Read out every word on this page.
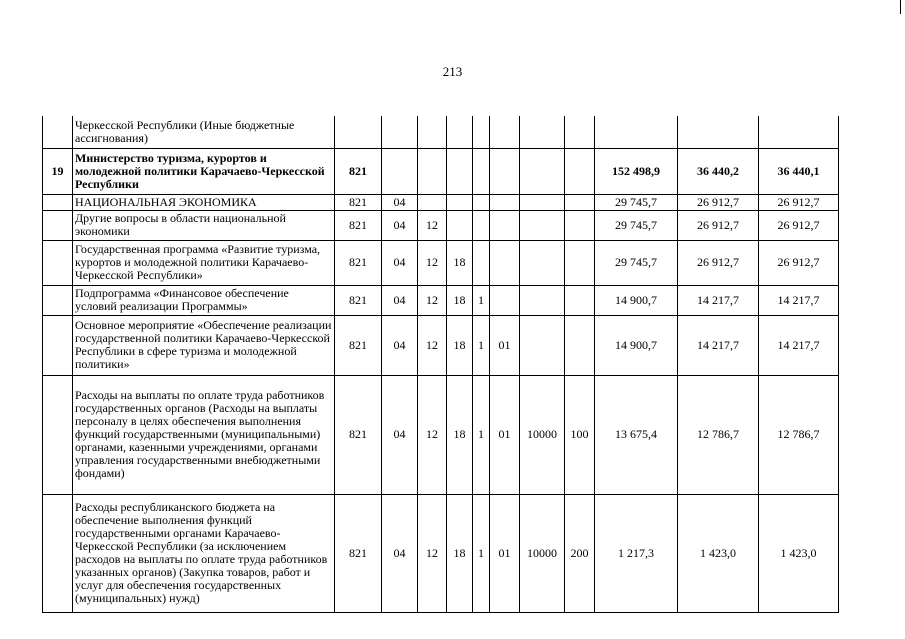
213
	Черкесской Республики (Иные бюджетные ассигнования)											
19	Министерство туризма, курортов и молодежной политики Карачаево-Черкесской Республики	821								152 498,9	36 440,2	36 440,1
	НАЦИОНАЛЬНАЯ ЭКОНОМИКА	821	04							29 745,7	26 912,7	26 912,7
	Другие вопросы в области национальной экономики	821	04	12						29 745,7	26 912,7	26 912,7
	Государственная программа «Развитие туризма, курортов и молодежной политики Карачаево-Черкесской Республики»	821	04	12	18					29 745,7	26 912,7	26 912,7
	Подпрограмма «Финансовое обеспечение условий реализации Программы»	821	04	12	18	1				14 900,7	14 217,7	14 217,7
	Основное мероприятие «Обеспечение реализации государственной политики Карачаево-Черкесской Республики в сфере туризма и молодежной политики»	821	04	12	18	1	01			14 900,7	14 217,7	14 217,7
	Расходы на выплаты по оплате труда работников государственных органов (Расходы на выплаты персоналу в целях обеспечения выполнения функций государственными (муниципальными) органами, казенными учреждениями, органами управления государственными внебюджетными фондами)	821	04	12	18	1	01	10000	100	13 675,4	12 786,7	12 786,7
	Расходы республиканского бюджета на обеспечение выполнения функций государственными органами Карачаево-Черкесской Республики (за исключением расходов на выплаты по оплате труда работников указанных органов) (Закупка товаров, работ и услуг для обеспечения государственных (муниципальных) нужд)	821	04	12	18	1	01	10000	200	1 217,3	1 423,0	1 423,0
